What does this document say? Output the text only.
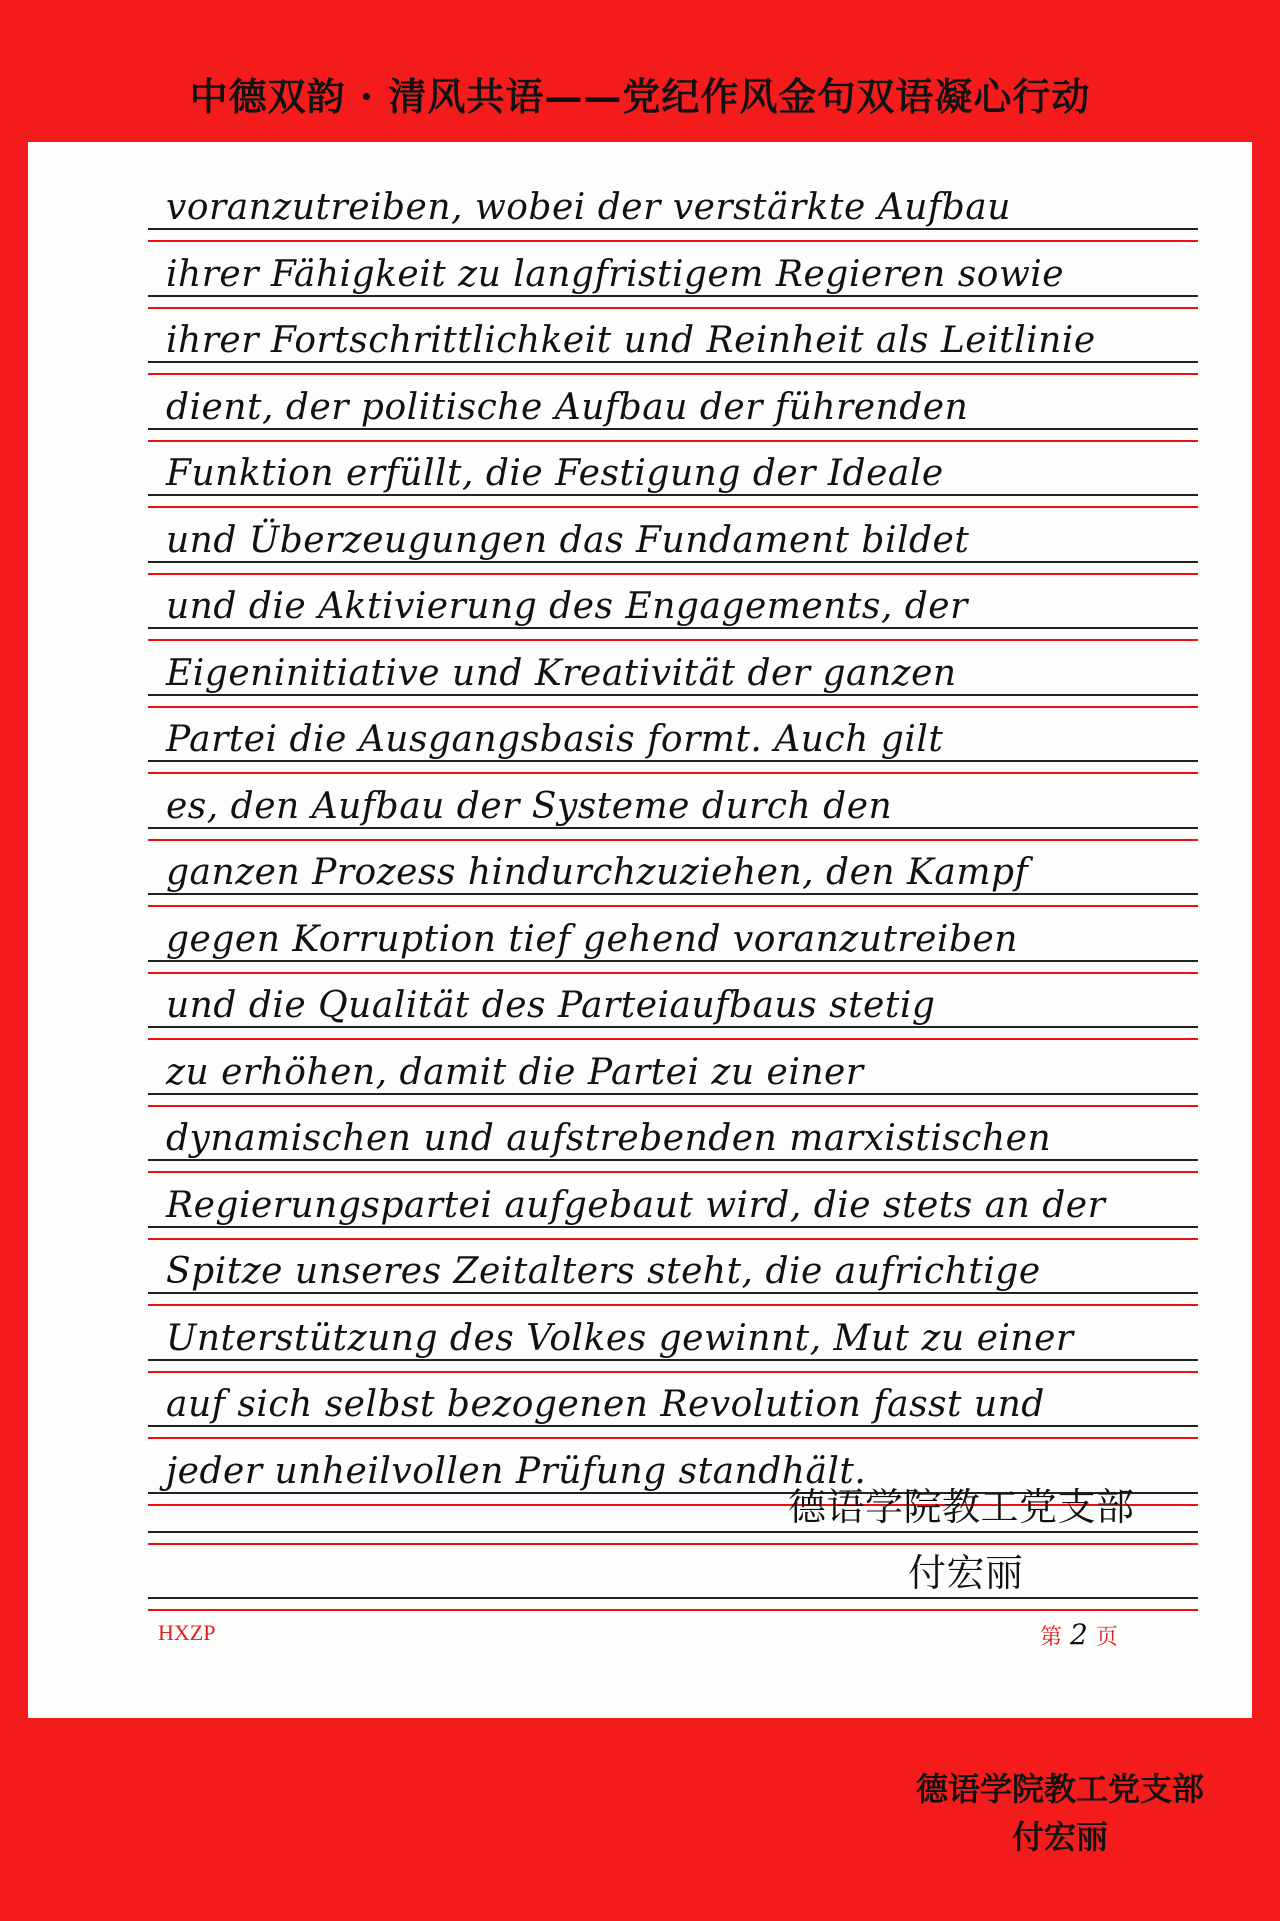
中德双韵 · 清风共语——党纪作风金句双语凝心行动
voranzutreiben, wobei der verstärkte Aufbau
ihrer Fähigkeit zu langfristigem Regieren sowie
ihrer Fortschrittlichkeit und Reinheit als Leitlinie
dient, der politische Aufbau der führenden
Funktion erfüllt, die Festigung der Ideale
und Überzeugungen das Fundament bildet
und die Aktivierung des Engagements, der
Eigeninitiative und Kreativität der ganzen
Partei die Ausgangsbasis formt. Auch gilt
es, den Aufbau der Systeme durch den
ganzen Prozess hindurchzuziehen, den Kampf
gegen Korruption tief gehend voranzutreiben
und die Qualität des Parteiaufbaus stetig
zu erhöhen, damit die Partei zu einer
dynamischen und aufstrebenden marxistischen
Regierungspartei aufgebaut wird, die stets an der
Spitze unseres Zeitalters steht, die aufrichtige
Unterstützung des Volkes gewinnt, Mut zu einer
auf sich selbst bezogenen Revolution fasst und
jeder unheilvollen Prüfung standhält.
德语学院教工党支部
付宏丽
HXZP	第 2 页
德语学院教工党支部
付宏丽
